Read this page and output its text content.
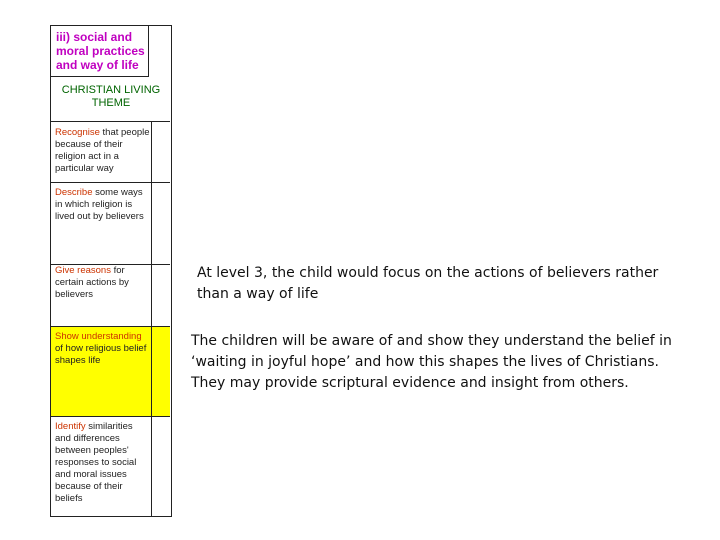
iii) social and moral practices and way of life
CHRISTIAN LIVING THEME
Recognise that people because of their religion act in a particular way
Describe some ways in which religion is lived out by believers
Give reasons for certain actions by believers
Show understanding of how religious belief shapes life
Identify similarities and differences between peoples' responses to social and moral issues because of their beliefs
At level 3, the child would focus on the actions of believers rather than a way of life
The children will be aware of and show they understand the belief in ‘waiting in joyful hope’ and how this shapes the lives of Christians. They may provide scriptural evidence and insight from others.
